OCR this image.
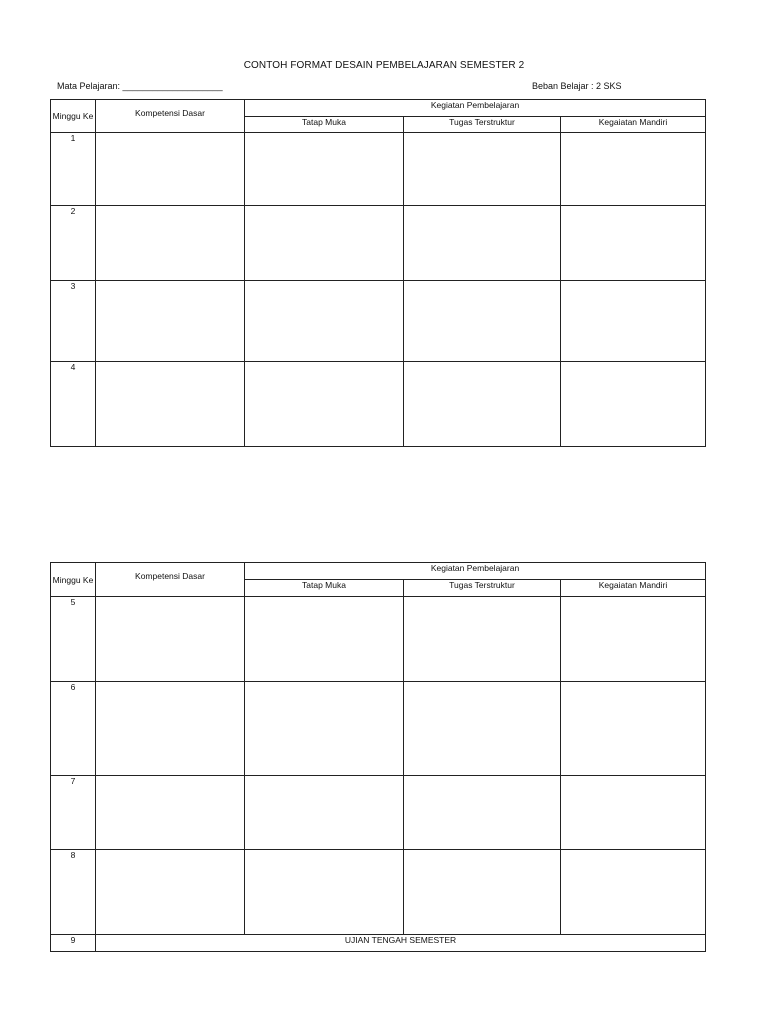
CONTOH FORMAT DESAIN PEMBELAJARAN SEMESTER 2
Mata Pelajaran: ____________________	Beban Belajar : 2 SKS
Minggu Ke	Kompetensi Dasar	Kegiatan Pembelajaran		
		Tatap Muka	Tugas Terstruktur	Kegaiatan Mandiri
1				
2				
3				
4				
Minggu Ke	Kompetensi Dasar	Kegiatan Pembelajaran		
		Tatap Muka	Tugas Terstruktur	Kegaiatan Mandiri
5				
6				
7				
8				
9	UJIAN TENGAH SEMESTER			
